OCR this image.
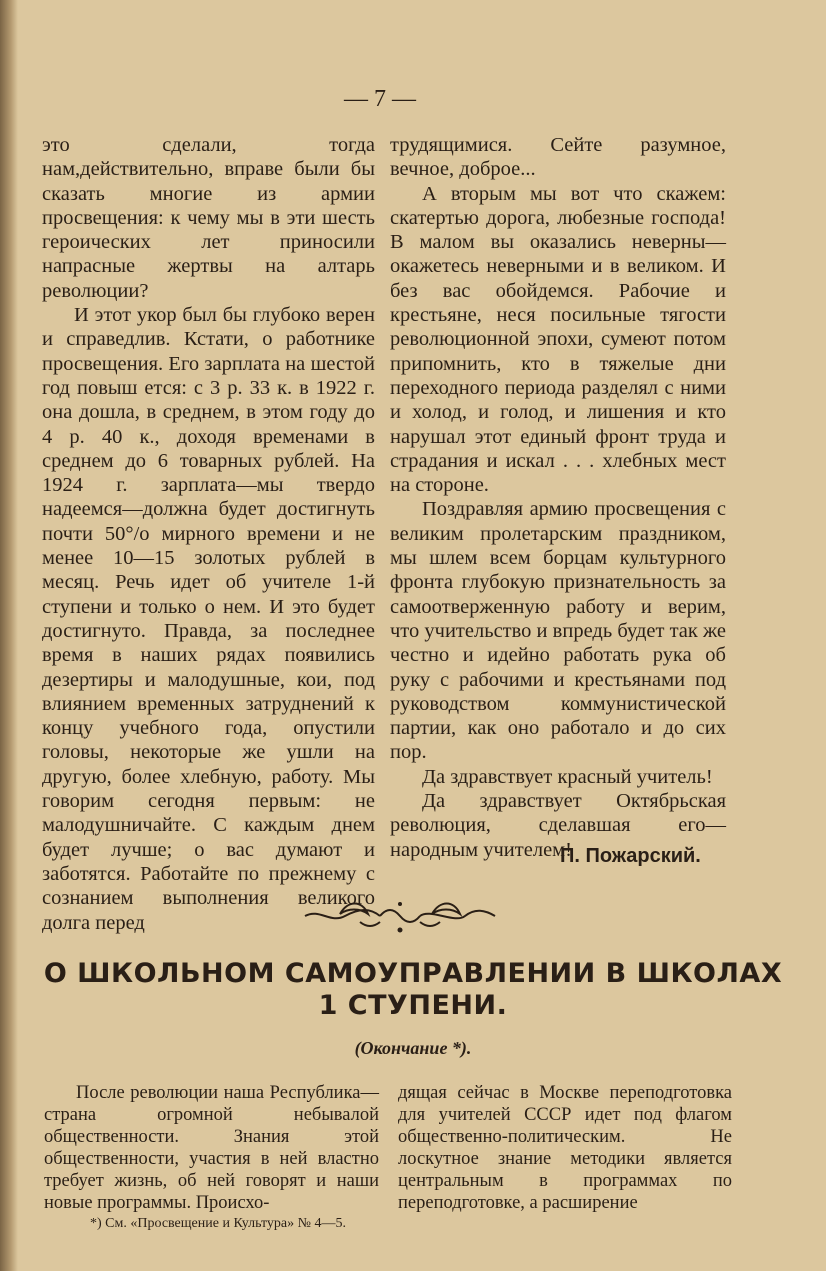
— 7 —

это сделали, тогда нам,действительно, вправе были бы сказать многие из армии просвещения: к чему мы в эти шесть героических лет приносили напрасные жертвы на алтарь революции?

И этот укор был бы глубоко верен и справедлив. Кстати, о работнике просвещения. Его зарплата на шестой год повыш ется: с 3 р. 33 к. в 1922 г. она дошла, в среднем, в этом году до 4 р. 40 к., доходя временами в среднем до 6 товарных рублей. На 1924 г. зарплата—мы твердо надеемся—должна будет достигнуть почти 50°/о мирного времени и не менее 10—15 золотых рублей в месяц. Речь идет об учителе 1-й ступени и только о нем. И это будет достигнуто. Правда, за последнее время в наших рядах появились дезертиры и малодушные, кои, под влиянием временных затруднений к концу учебного года, опустили головы, некоторые же ушли на другую, более хлебную, работу. Мы говорим сегодня первым: не малодушничайте. С каждым днем будет лучше; о вас думают и заботятся. Работайте по прежнему с сознанием выполнения великого долга перед

трудящимися. Сейте разумное, вечное, доброе...

А вторым мы вот что скажем: скатертью дорога, любезные господа! В малом вы оказались неверны—окажетесь неверными и в великом. И без вас обойдемся. Рабочие и крестьяне, неся посильные тягости революционной эпохи, сумеют потом припомнить, кто в тяжелые дни переходного периода разделял с ними и холод, и голод, и лишения и кто нарушал этот единый фронт труда и страдания и искал . . . хлебных мест на стороне.

Поздравляя армию просвещения с великим пролетарским праздником, мы шлем всем борцам культурного фронта глубокую признательность за самоотверженную работу и верим, что учительство и впредь будет так же честно и идейно работать рука об руку с рабочими и крестьянами под руководством коммунистической партии, как оно работало и до сих пор.

Да здравствует красный учитель!

Да здравствует Октябрьская революция, сделавшая его—народным учителем!

П. Пожарский.
О ШКОЛЬНОМ САМОУПРАВЛЕНИИ В ШКОЛАХ
1 СТУПЕНИ.
(Окончание *).

После революции наша Республика—страна огромной небывалой общественности. Знания этой общественности, участия в ней властно требует жизнь, об ней говорят и наши новые программы. Происхо-

дящая сейчас в Москве переподготовка для учителей СССР идет под флагом общественно-политическим. Не лоскутное знание методики является центральным в программах по переподготовке, а расширение

*) См. «Просвещение и Культура» № 4—5.
